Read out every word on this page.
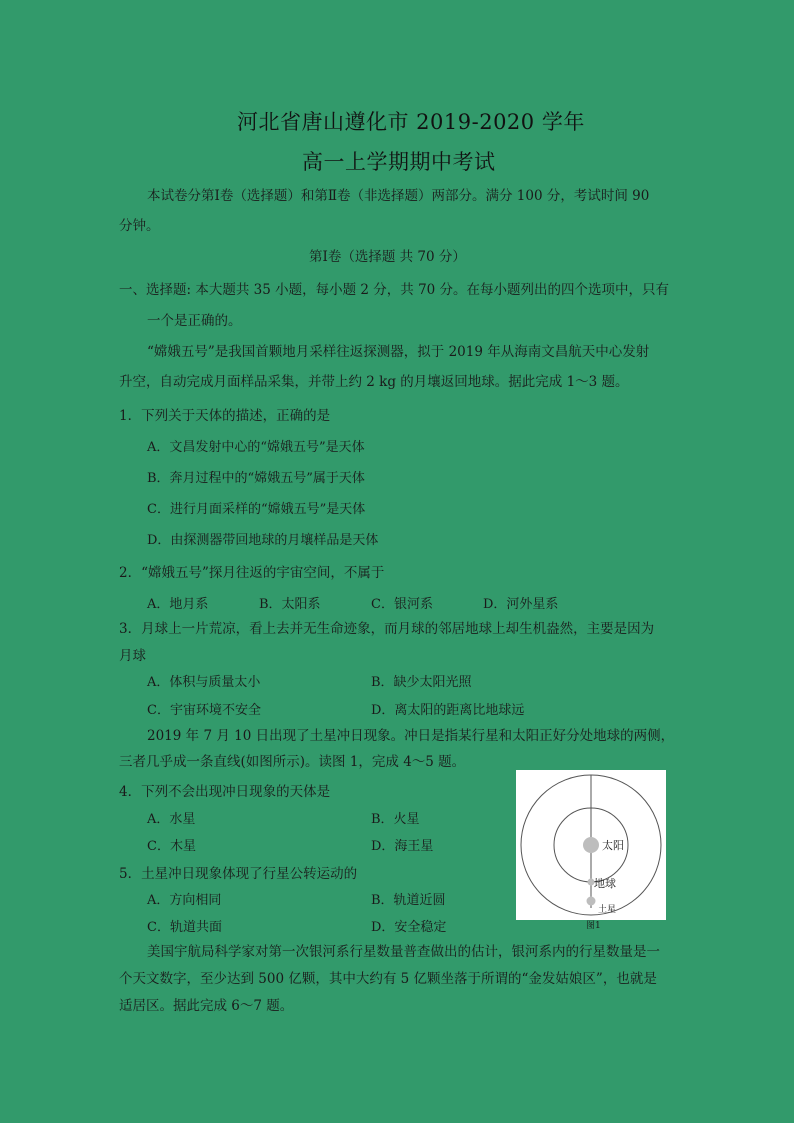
河北省唐山遵化市 2019-2020 学年
高一上学期期中考试
本试卷分第Ⅰ卷（选择题）和第Ⅱ卷（非选择题）两部分。满分 100 分，考试时间 90
分钟。
第Ⅰ卷（选择题 共 70 分）
一、选择题: 本大题共 35 小题，每小题 2 分，共 70 分。在每小题列出的四个选项中，只有
一个是正确的。
“嫦娥五号”是我国首颗地月采样往返探测器，拟于 2019 年从海南文昌航天中心发射
升空，自动完成月面样品采集，并带上约 2 kg 的月壤返回地球。据此完成 1～3 题。
1．下列关于天体的描述，正确的是
A．文昌发射中心的“嫦娥五号”是天体
B．奔月过程中的“嫦娥五号”属于天体
C．进行月面采样的“嫦娥五号”是天体
D．由探测器带回地球的月壤样品是天体
2．“嫦娥五号”探月往返的宇宙空间，不属于
A．地月系	B．太阳系	C．银河系	D．河外星系
3．月球上一片荒凉，看上去并无生命迹象，而月球的邻居地球上却生机盎然，主要是因为
月球
A．体积与质量太小	B．缺少太阳光照
C．宇宙环境不安全	D．离太阳的距离比地球远
2019 年 7 月 10 日出现了土星冲日现象。冲日是指某行星和太阳正好分处地球的两侧，
三者几乎成一条直线(如图所示)。读图 1，完成 4～5 题。
4．下列不会出现冲日现象的天体是
A．水星	B．火星
C．木星	D．海王星
5．土星冲日现象体现了行星公转运动的
A．方向相同	B．轨道近圆
C．轨道共面	D．安全稳定
太阳
地球
土星
图1
美国宇航局科学家对第一次银河系行星数量普查做出的估计，银河系内的行星数量是一
个天文数字，至少达到 500 亿颗，其中大约有 5 亿颗坐落于所谓的“金发姑娘区”，也就是
适居区。据此完成 6～7 题。
